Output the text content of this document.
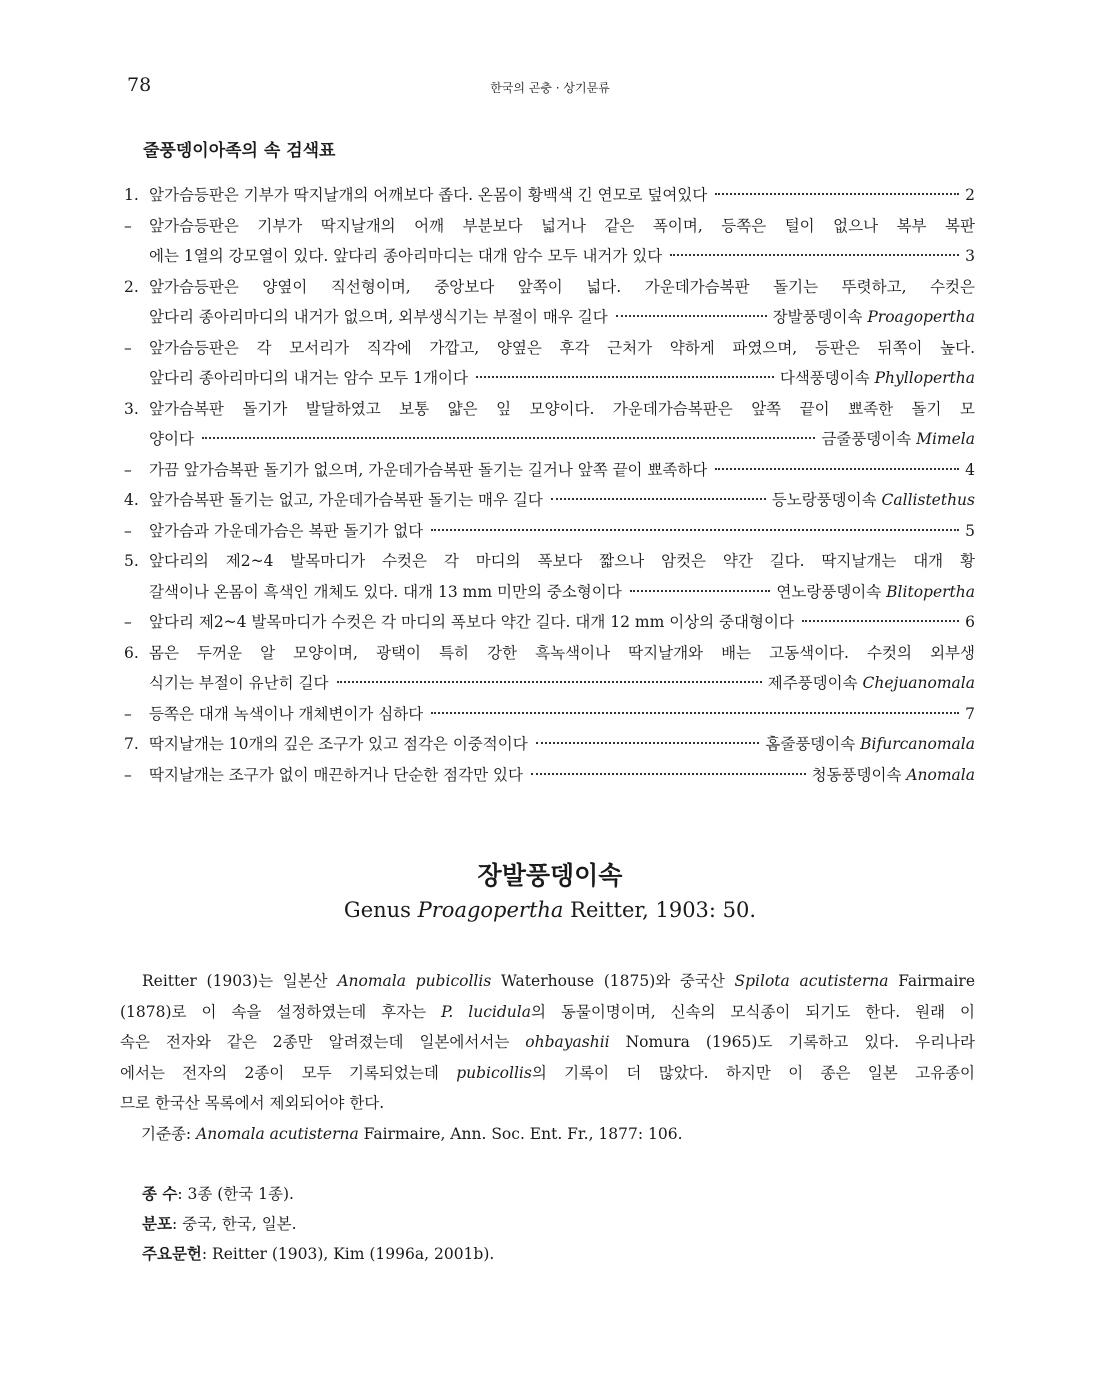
78	한국의 곤충 · 상기문류
줄풍뎅이아족의 속 검색표
1. 앞가슴등판은 기부가 딱지날개의 어깨보다 좁다. 온몸이 황백색 긴 연모로 덮여있다	2
–	앞가슴등판은 기부가 딱지날개의 어깨 부분보다 넓거나 같은 폭이며, 등쪽은 털이 없으나 복부 복판
에는 1열의 강모열이 있다. 앞다리 종아리마디는 대개 암수 모두 내거가 있다	3
2. 앞가슴등판은 양옆이 직선형이며, 중앙보다 앞쪽이 넓다. 가운데가슴복판 돌기는 뚜렷하고, 수컷은
앞다리 종아리마디의 내거가 없으며, 외부생식기는 부절이 매우 길다	장발풍뎅이속 Proagopertha
–	앞가슴등판은 각 모서리가 직각에 가깝고, 양옆은 후각 근처가 약하게 파였으며, 등판은 뒤쪽이 높다.
앞다리 종아리마디의 내거는 암수 모두 1개이다	다색풍뎅이속 Phyllopertha
3. 앞가슴복판 돌기가 발달하였고 보통 얇은 잎 모양이다. 가운데가슴복판은 앞쪽 끝이 뾰족한 돌기 모
양이다	금줄풍뎅이속 Mimela
–	가끔 앞가슴복판 돌기가 없으며, 가운데가슴복판 돌기는 길거나 앞쪽 끝이 뾰족하다	4
4. 앞가슴복판 돌기는 없고, 가운데가슴복판 돌기는 매우 길다	등노랑풍뎅이속 Callistethus
–	앞가슴과 가운데가슴은 복판 돌기가 없다	5
5. 앞다리의 제2~4 발목마디가 수컷은 각 마디의 폭보다 짧으나 암컷은 약간 길다. 딱지날개는 대개 황
갈색이나 온몸이 흑색인 개체도 있다. 대개 13 mm 미만의 중소형이다	연노랑풍뎅이속 Blitopertha
–	앞다리 제2~4 발목마디가 수컷은 각 마디의 폭보다 약간 길다. 대개 12 mm 이상의 중대형이다	6
6. 몸은 두꺼운 알 모양이며, 광택이 특히 강한 흑녹색이나 딱지날개와 배는 고동색이다. 수컷의 외부생
식기는 부절이 유난히 길다	제주풍뎅이속 Chejuanomala
–	등쪽은 대개 녹색이나 개체변이가 심하다	7
7. 딱지날개는 10개의 깊은 조구가 있고 점각은 이중적이다	홈줄풍뎅이속 Bifurcanomala
–	딱지날개는 조구가 없이 매끈하거나 단순한 점각만 있다	청동풍뎅이속 Anomala
장발풍뎅이속
Genus Proagopertha Reitter, 1903: 50.
Reitter (1903)는 일본산 Anomala pubicollis Waterhouse (1875)와 중국산 Spilota acutisterna Fairmaire
(1878)로 이 속을 설정하였는데 후자는 P. lucidula의 동물이명이며, 신속의 모식종이 되기도 한다. 원래 이
속은 전자와 같은 2종만 알려졌는데 일본에서서는 ohbayashii Nomura (1965)도 기록하고 있다. 우리나라
에서는 전자의 2종이 모두 기록되었는데 pubicollis의 기록이 더 많았다. 하지만 이 종은 일본 고유종이
므로 한국산 목록에서 제외되어야 한다.
기준종: Anomala acutisterna Fairmaire, Ann. Soc. Ent. Fr., 1877: 106.
종 수: 3종 (한국 1종).
분포: 중국, 한국, 일본.
주요문헌: Reitter (1903), Kim (1996a, 2001b).
